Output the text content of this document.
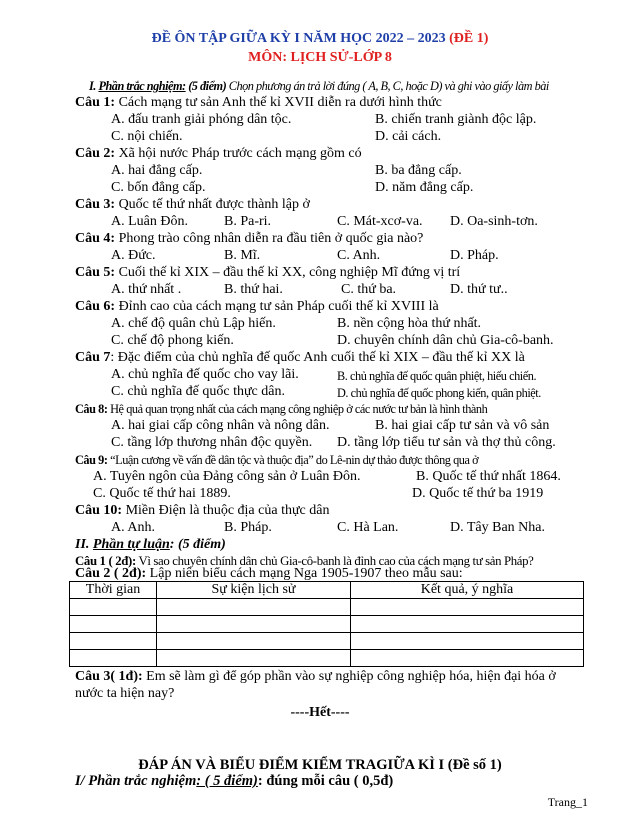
ĐỀ ÔN TẬP GIỮA KỲ I NĂM HỌC 2022 – 2023 (ĐỀ 1)
MÔN: LỊCH SỬ-LỚP 8
I. Phần trắc nghiệm: (5 điểm) Chọn phương án trả lời đúng ( A, B, C, hoặc D) và ghi vào giấy làm bài
Câu 1: Cách mạng tư sản Anh thế kỉ XVII diễn ra dưới hình thức
A. đấu tranh giải phóng dân tộc.	B. chiến tranh giành độc lập.
C. nội chiến.	D. cải cách.
Câu 2: Xã hội nước Pháp trước cách mạng gồm có
A. hai đẳng cấp.	B. ba đẳng cấp.
C. bốn đẳng cấp.	D. năm đẳng cấp.
Câu 3: Quốc tế thứ nhất được thành lập ở
A. Luân Đôn.	B. Pa-ri.	C. Mát-xcơ-va. D. Oa-sinh-tơn.
Câu 4: Phong trào công nhân diễn ra đầu tiên ở quốc gia nào?
A. Đức.	B. Mĩ.	C. Anh.	D. Pháp.
Câu 5: Cuối thế kỉ XIX – đầu thế kỉ XX, công nghiệp Mĩ đứng vị trí
A. thứ nhất .	B. thứ hai.	C. thứ ba.	D. thứ tư..
Câu 6: Đỉnh cao của cách mạng tư sản Pháp cuối thế kỉ XVIII là
A. chế độ quân chủ Lập hiến.	B. nền cộng hòa thứ nhất.
C. chế độ phong kiến.	D. chuyên chính dân chủ Gia-cô-banh.
Câu 7: Đặc điểm của chủ nghĩa đế quốc Anh cuối thế kỉ XIX – đầu thế kỉ XX là
A. chủ nghĩa đế quốc cho vay lãi.	B. chủ nghĩa đế quốc quân phiệt, hiếu chiến.
C. chủ nghĩa đế quốc thực dân.	D. chủ nghĩa đế quốc phong kiến, quân phiệt.
Câu 8: Hệ quả quan trọng nhất của cách mạng công nghiệp ở các nước tư bản là hình thành
A. hai giai cấp công nhân và nông dân.	B. hai giai cấp tư sản và vô sản
C. tầng lớp thương nhân độc quyền. D. tầng lớp tiểu tư sản và thợ thủ công.
Câu 9: “Luận cương về vấn đề dân tộc và thuộc địa” do Lê-nin dự thảo được thông qua ở
A. Tuyên ngôn của Đảng công sản ở Luân Đôn.	B. Quốc tế thứ nhất 1864.
C. Quốc tế thứ hai 1889.	D. Quốc tế thứ ba 1919
Câu 10: Miền Điện là thuộc địa của thực dân
A. Anh.	B. Pháp.	C. Hà Lan.	D. Tây Ban Nha.
II. Phần tự luận: (5 điểm)
Câu 1 ( 2đ): Vì sao chuyên chính dân chủ Gia-cô-banh là đỉnh cao của cách mạng tư sản Pháp?
Câu 2 ( 2đ): Lập niên biểu cách mạng Nga 1905-1907 theo mẫu sau:
Thời gian	Sự kiện lịch sử	Kết quả, ý nghĩa

Câu 3( 1đ): Em sẽ làm gì để góp phần vào sự nghiệp công nghiệp hóa, hiện đại hóa ở
nước ta hiện nay?
----Hết----
ĐÁP ÁN VÀ BIỂU ĐIỂM KIỂM TRAGIỮA KÌ I (Đề số 1)
I/ Phần trắc nghiệm: ( 5 điểm): đúng mỗi câu ( 0,5đ)
Trang_1
